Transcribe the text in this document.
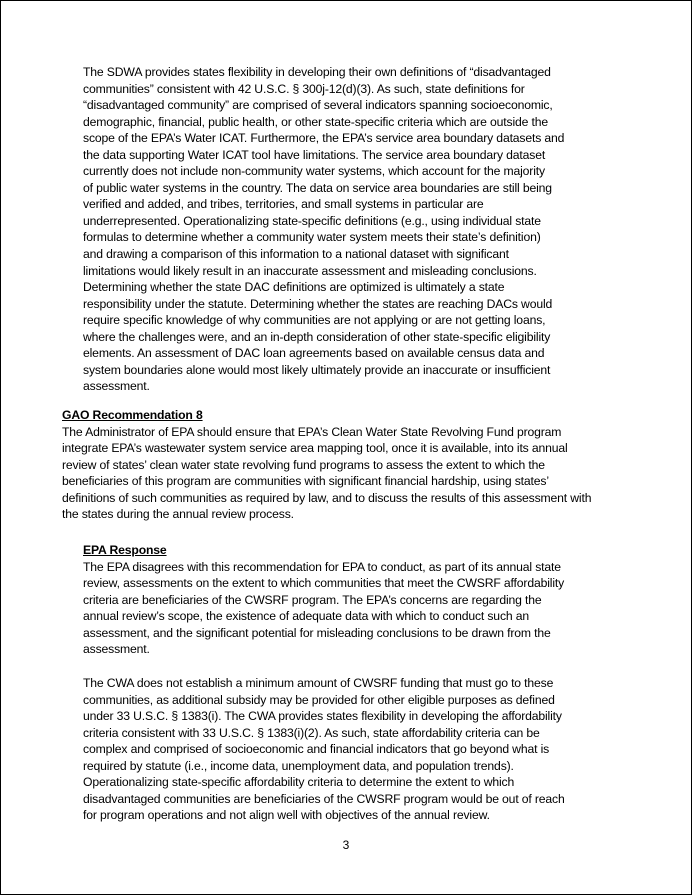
The SDWA provides states flexibility in developing their own definitions of “disadvantaged
communities” consistent with 42 U.S.C. § 300j-12(d)(3). As such, state definitions for
“disadvantaged community” are comprised of several indicators spanning socioeconomic,
demographic, financial, public health, or other state-specific criteria which are outside the
scope of the EPA’s Water ICAT. Furthermore, the EPA’s service area boundary datasets and
the data supporting Water ICAT tool have limitations. The service area boundary dataset
currently does not include non-community water systems, which account for the majority
of public water systems in the country. The data on service area boundaries are still being
verified and added, and tribes, territories, and small systems in particular are
underrepresented. Operationalizing state-specific definitions (e.g., using individual state
formulas to determine whether a community water system meets their state’s definition)
and drawing a comparison of this information to a national dataset with significant
limitations would likely result in an inaccurate assessment and misleading conclusions.
Determining whether the state DAC definitions are optimized is ultimately a state
responsibility under the statute. Determining whether the states are reaching DACs would
require specific knowledge of why communities are not applying or are not getting loans,
where the challenges were, and an in-depth consideration of other state-specific eligibility
elements. An assessment of DAC loan agreements based on available census data and
system boundaries alone would most likely ultimately provide an inaccurate or insufficient
assessment.
GAO Recommendation 8
The Administrator of EPA should ensure that EPA’s Clean Water State Revolving Fund program
integrate EPA’s wastewater system service area mapping tool, once it is available, into its annual
review of states’ clean water state revolving fund programs to assess the extent to which the
beneficiaries of this program are communities with significant financial hardship, using states’
definitions of such communities as required by law, and to discuss the results of this assessment with
the states during the annual review process.
EPA Response
The EPA disagrees with this recommendation for EPA to conduct, as part of its annual state
review, assessments on the extent to which communities that meet the CWSRF affordability
criteria are beneficiaries of the CWSRF program. The EPA’s concerns are regarding the
annual review’s scope, the existence of adequate data with which to conduct such an
assessment, and the significant potential for misleading conclusions to be drawn from the
assessment.
The CWA does not establish a minimum amount of CWSRF funding that must go to these
communities, as additional subsidy may be provided for other eligible purposes as defined
under 33 U.S.C. § 1383(i). The CWA provides states flexibility in developing the affordability
criteria consistent with 33 U.S.C. § 1383(i)(2). As such, state affordability criteria can be
complex and comprised of socioeconomic and financial indicators that go beyond what is
required by statute (i.e., income data, unemployment data, and population trends).
Operationalizing state-specific affordability criteria to determine the extent to which
disadvantaged communities are beneficiaries of the CWSRF program would be out of reach
for program operations and not align well with objectives of the annual review.
3
